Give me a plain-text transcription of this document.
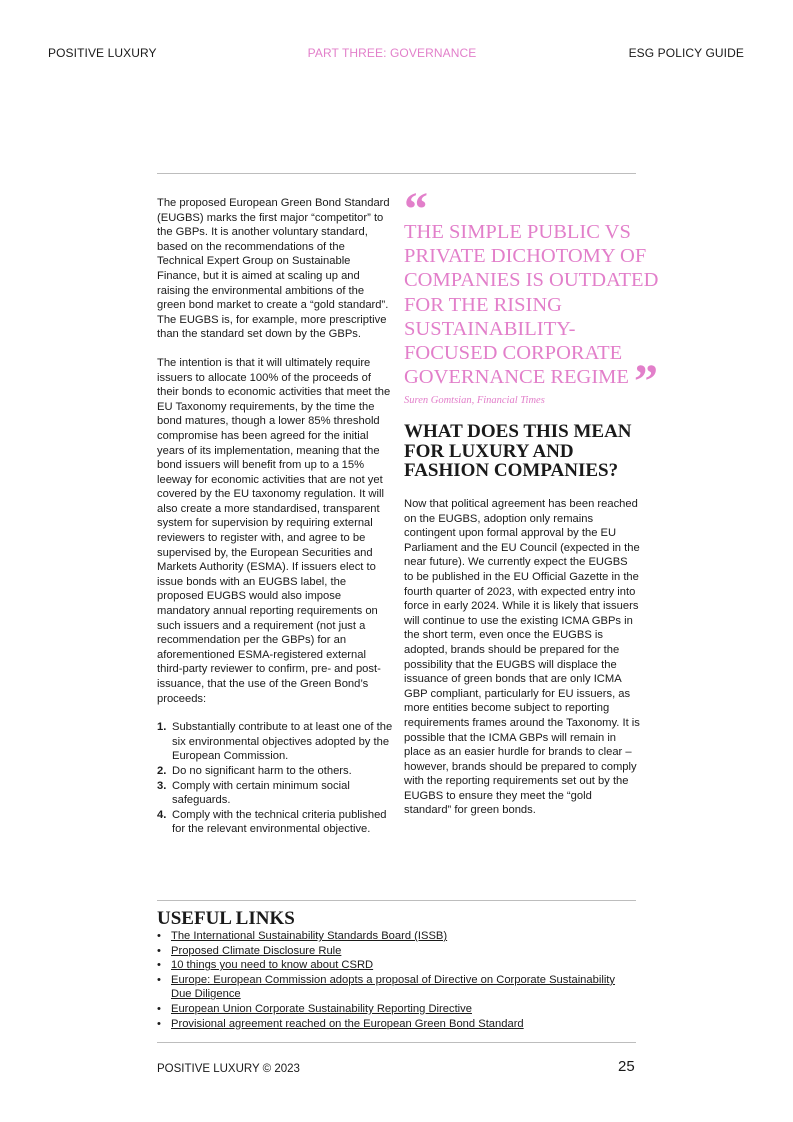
POSITIVE LUXURY	PART THREE: GOVERNANCE	ESG POLICY GUIDE

The proposed European Green Bond Standard (EUGBS) marks the first major “competitor” to the GBPs. It is another voluntary standard, based on the recommendations of the Technical Expert Group on Sustainable Finance, but it is aimed at scaling up and raising the environmental ambitions of the green bond market to create a “gold standard”. The EUGBS is, for example, more prescriptive than the standard set down by the GBPs.

The intention is that it will ultimately require issuers to allocate 100% of the proceeds of their bonds to economic activities that meet the EU Taxonomy requirements, by the time the bond matures, though a lower 85% threshold compromise has been agreed for the initial years of its implementation, meaning that the bond issuers will benefit from up to a 15% leeway for economic activities that are not yet covered by the EU taxonomy regulation. It will also create a more standardised, transparent system for supervision by requiring external reviewers to register with, and agree to be supervised by, the European Securities and Markets Authority (ESMA). If issuers elect to issue bonds with an EUGBS label, the proposed EUGBS would also impose mandatory annual reporting requirements on such issuers and a requirement (not just a recommendation per the GBPs) for an aforementioned ESMA-registered external third-party reviewer to confirm, pre- and post-issuance, that the use of the Green Bond’s proceeds:

1. Substantially contribute to at least one of the six environmental objectives adopted by the European Commission.
2. Do no significant harm to the others.
3. Comply with certain minimum social safeguards.
4. Comply with the technical criteria published for the relevant environmental objective.
“
THE SIMPLE PUBLIC VS PRIVATE DICHOTOMY OF COMPANIES IS OUTDATED FOR THE RISING SUSTAINABILITY-FOCUSED CORPORATE GOVERNANCE REGIME ”
Suren Gomtsian, Financial Times
WHAT DOES THIS MEAN FOR LUXURY AND FASHION COMPANIES?
Now that political agreement has been reached on the EUGBS, adoption only remains contingent upon formal approval by the EU Parliament and the EU Council (expected in the near future). We currently expect the EUGBS to be published in the EU Official Gazette in the fourth quarter of 2023, with expected entry into force in early 2024. While it is likely that issuers will continue to use the existing ICMA GBPs in the short term, even once the EUGBS is adopted, brands should be prepared for the possibility that the EUGBS will displace the issuance of green bonds that are only ICMA GBP compliant, particularly for EU issuers, as more entities become subject to reporting requirements frames around the Taxonomy. It is possible that the ICMA GBPs will remain in place as an easier hurdle for brands to clear – however, brands should be prepared to comply with the reporting requirements set out by the EUGBS to ensure they meet the “gold standard” for green bonds.
USEFUL LINKS
• The International Sustainability Standards Board (ISSB)
• Proposed Climate Disclosure Rule
• 10 things you need to know about CSRD
• Europe: European Commission adopts a proposal of Directive on Corporate Sustainability Due Diligence
• European Union Corporate Sustainability Reporting Directive
• Provisional agreement reached on the European Green Bond Standard
POSITIVE LUXURY © 2023	25
